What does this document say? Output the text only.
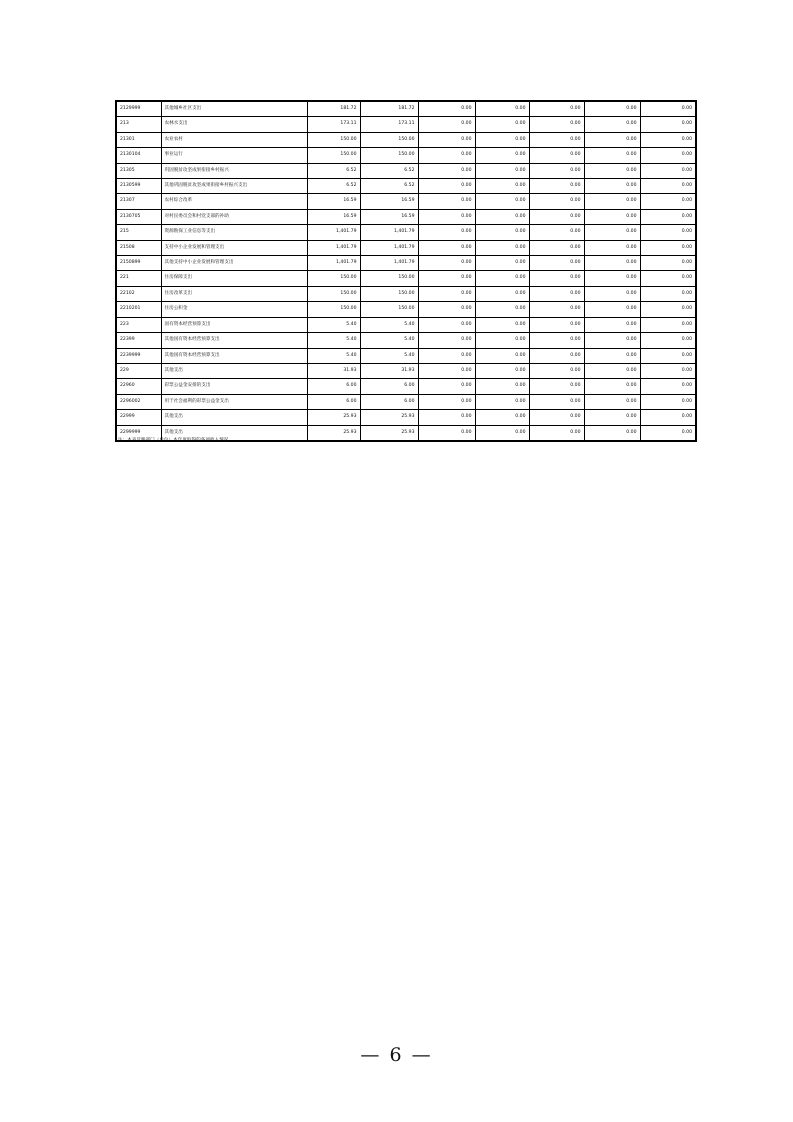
2129999	其他城乡社区支出	181.72	181.72	0.00	0.00	0.00	0.00	0.00
213	农林水支出	173.11	173.11	0.00	0.00	0.00	0.00	0.00
21301	农业农村	150.00	150.00	0.00	0.00	0.00	0.00	0.00
2130104	事业运行	150.00	150.00	0.00	0.00	0.00	0.00	0.00
21305	巩固脱贫攻坚成果衔接乡村振兴	6.52	6.52	0.00	0.00	0.00	0.00	0.00
2130599	其他巩固脱贫攻坚成果衔接乡村振兴支出	6.52	6.52	0.00	0.00	0.00	0.00	0.00
21307	农村综合改革	16.59	16.59	0.00	0.00	0.00	0.00	0.00
2130705	对村民委员会和村党支部的补助	16.59	16.59	0.00	0.00	0.00	0.00	0.00
215	资源勘探工业信息等支出	1,401.79	1,401.79	0.00	0.00	0.00	0.00	0.00
21508	支持中小企业发展和管理支出	1,401.79	1,401.79	0.00	0.00	0.00	0.00	0.00
2150899	其他支持中小企业发展和管理支出	1,401.79	1,401.79	0.00	0.00	0.00	0.00	0.00
221	住房保障支出	150.00	150.00	0.00	0.00	0.00	0.00	0.00
22102	住房改革支出	150.00	150.00	0.00	0.00	0.00	0.00	0.00
2210201	住房公积金	150.00	150.00	0.00	0.00	0.00	0.00	0.00
223	国有资本经营预算支出	5.40	5.40	0.00	0.00	0.00	0.00	0.00
22399	其他国有资本经营预算支出	5.40	5.40	0.00	0.00	0.00	0.00	0.00
2239999	其他国有资本经营预算支出	5.40	5.40	0.00	0.00	0.00	0.00	0.00
229	其他支出	31.93	31.93	0.00	0.00	0.00	0.00	0.00
22960	彩票公益金安排的支出	6.00	6.00	0.00	0.00	0.00	0.00	0.00
2296002	用于社会福利的彩票公益金支出	6.00	6.00	0.00	0.00	0.00	0.00	0.00
22999	其他支出	25.93	25.93	0.00	0.00	0.00	0.00	0.00
2299999	其他支出	25.93	25.93	0.00	0.00	0.00	0.00	0.00
注：本表反映部门（单位）本年度取得的各项收入情况。
— 6 —
